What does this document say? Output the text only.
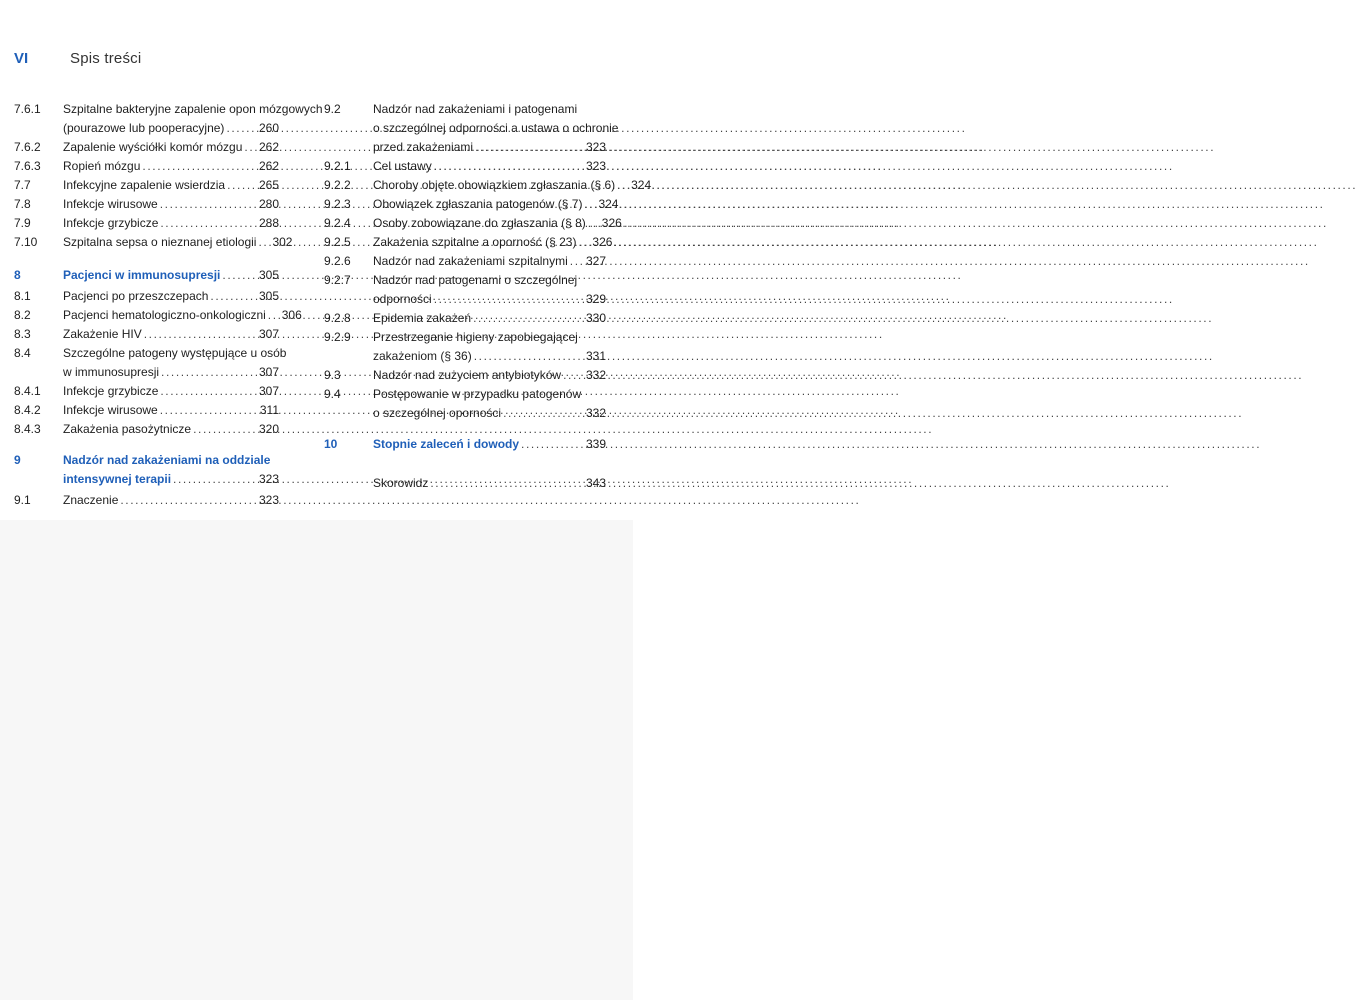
VI	Spis treści
7.6.1	Szpitalne bakteryjne zapalenie opon mózgowych
(pourazowe lub pooperacyjne) .....	260
7.6.2	Zapalenie wyściółki komór mózgu ..... 262
7.6.3	Ropień mózgu .....	262
7.7	Infekcyjne zapalenie wsierdzia .....	265
7.8	Infekcje wirusowe .....	280
7.9	Infekcje grzybicze .....	288
7.10	Szpitalna sepsa o nieznanej etiologii ..... 302
8	Pacjenci w immunosupresji .....	305
8.1	Pacjenci po przeszczepach .....	305
8.2	Pacjenci hematologiczno-onkologiczni ..... 306
8.3	Zakażenie HIV .....	307
8.4	Szczególne patogeny występujące u osób
w immunosupresji .....	307
8.4.1	Infekcje grzybicze .....	307
8.4.2	Infekcje wirusowe .....	311
8.4.3	Zakażenia pasożytnicze .....	320
9	Nadzór nad zakażeniami na oddziale
intensywnej terapii .....	323
9.1	Znaczenie .....	323
9.2	Nadzór nad zakażeniami i patogenami
o szczególnej odporności a ustawa o ochronie
przed zakażeniami .....	323
9.2.1	Cel ustawy .....	323
9.2.2	Choroby objęte obowiązkiem zgłaszania (§ 6) ..... 324
9.2.3	Obowiązek zgłaszania patogenów (§ 7) ..... 324
9.2.4	Osoby zobowiązane do zgłaszania (§ 8) ..... 326
9.2.5	Zakażenia szpitalne a oporność (§ 23) ..... 326
9.2.6	Nadzór nad zakażeniami szpitalnymi ..... 327
9.2.7	Nadzór nad patogenami o szczególnej
odporności .....	329
9.2.8	Epidemia zakażeń .....	330
9.2.9	Przestrzeganie higieny zapobiegającej
zakażeniom (§ 36) .....	331
9.3	Nadzór nad zużyciem antybiotyków ..... 332
9.4	Postępowanie w przypadku patogenów
o szczególnej oporności .....	332
10	Stopnie zaleceń i dowody .....	339
Skorowidz .....	343
